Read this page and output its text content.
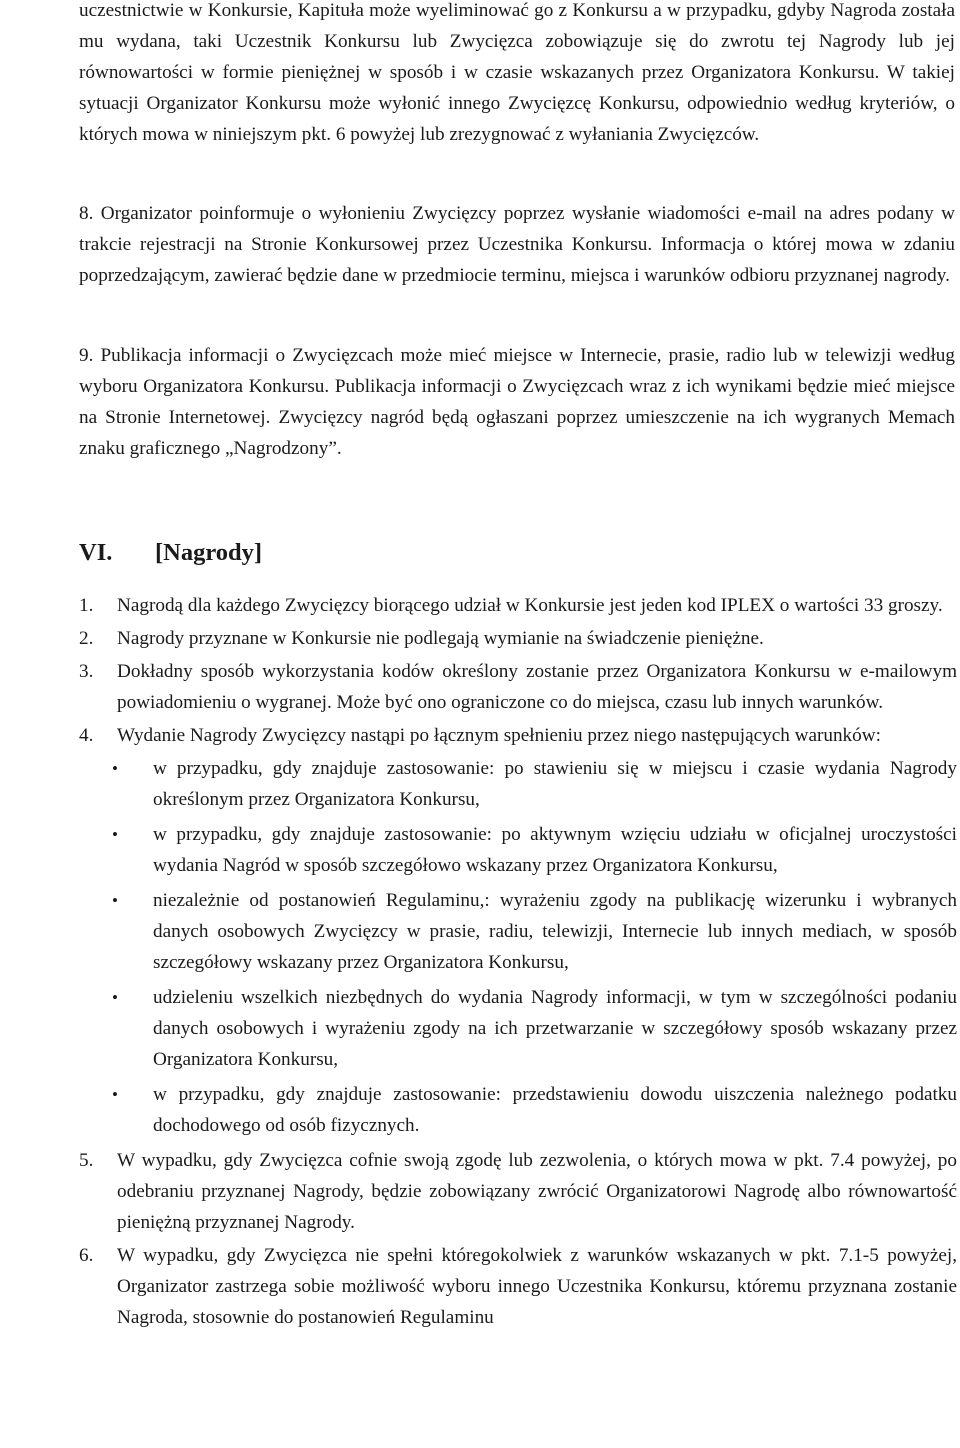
uczestnictwie w Konkursie, Kapituła może wyeliminować go z Konkursu a w przypadku, gdyby Nagroda została mu wydana, taki Uczestnik Konkursu lub Zwycięzca zobowiązuje się do zwrotu tej Nagrody lub jej równowartości w formie pieniężnej w sposób i w czasie wskazanych przez Organizatora Konkursu. W takiej sytuacji Organizator Konkursu może wyłonić innego Zwycięzcę Konkursu, odpowiednio według kryteriów, o których mowa w niniejszym pkt. 6 powyżej lub zrezygnować z wyłaniania Zwycięzców.

8. Organizator poinformuje o wyłonieniu Zwycięzcy poprzez wysłanie wiadomości e-mail na adres podany w trakcie rejestracji na Stronie Konkursowej przez Uczestnika Konkursu. Informacja o której mowa w zdaniu poprzedzającym, zawierać będzie dane w przedmiocie terminu, miejsca i warunków odbioru przyznanej nagrody.

9. Publikacja informacji o Zwycięzcach może mieć miejsce w Internecie, prasie, radio lub w telewizji według wyboru Organizatora Konkursu. Publikacja informacji o Zwycięzcach wraz z ich wynikami będzie mieć miejsce na Stronie Internetowej. Zwycięzcy nagród będą ogłaszani poprzez umieszczenie na ich wygranych Memach znaku graficznego „Nagrodzony”.

VI. [Nagrody]
1. Nagrodą dla każdego Zwycięzcy biorącego udział w Konkursie jest jeden kod IPLEX o wartości 33 groszy.
2. Nagrody przyznane w Konkursie nie podlegają wymianie na świadczenie pieniężne.
3. Dokładny sposób wykorzystania kodów określony zostanie przez Organizatora Konkursu w e-mailowym powiadomieniu o wygranej. Może być ono ograniczone co do miejsca, czasu lub innych warunków.
4. Wydanie Nagrody Zwycięzcy nastąpi po łącznym spełnieniu przez niego następujących warunków:
• w przypadku, gdy znajduje zastosowanie: po stawieniu się w miejscu i czasie wydania Nagrody określonym przez Organizatora Konkursu,
• w przypadku, gdy znajduje zastosowanie: po aktywnym wzięciu udziału w oficjalnej uroczystości wydania Nagród w sposób szczegółowo wskazany przez Organizatora Konkursu,
• niezależnie od postanowień Regulaminu,: wyrażeniu zgody na publikację wizerunku i wybranych danych osobowych Zwycięzcy w prasie, radiu, telewizji, Internecie lub innych mediach, w sposób szczegółowy wskazany przez Organizatora Konkursu,
• udzieleniu wszelkich niezbędnych do wydania Nagrody informacji, w tym w szczególności podaniu danych osobowych i wyrażeniu zgody na ich przetwarzanie w szczegółowy sposób wskazany przez Organizatora Konkursu,
• w przypadku, gdy znajduje zastosowanie: przedstawieniu dowodu uiszczenia należnego podatku dochodowego od osób fizycznych.
5. W wypadku, gdy Zwycięzca cofnie swoją zgodę lub zezwolenia, o których mowa w pkt. 7.4 powyżej, po odebraniu przyznanej Nagrody, będzie zobowiązany zwrócić Organizatorowi Nagrodę albo równowartość pieniężną przyznanej Nagrody.
6. W wypadku, gdy Zwycięzca nie spełni któregokolwiek z warunków wskazanych w pkt. 7.1-5 powyżej, Organizator zastrzega sobie możliwość wyboru innego Uczestnika Konkursu, któremu przyznana zostanie Nagroda, stosownie do postanowień Regulaminu
